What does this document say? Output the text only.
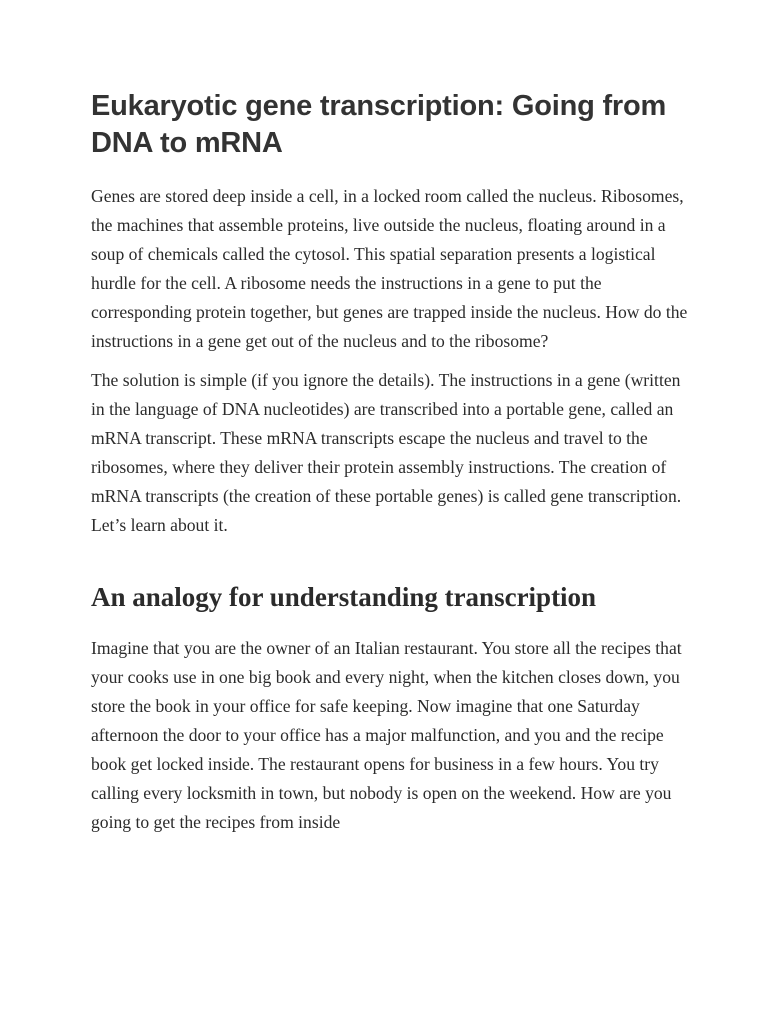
Eukaryotic gene transcription: Going from DNA to mRNA

Genes are stored deep inside a cell, in a locked room called the nucleus. Ribosomes, the machines that assemble proteins, live outside the nucleus, floating around in a soup of chemicals called the cytosol. This spatial separation presents a logistical hurdle for the cell. A ribosome needs the instructions in a gene to put the corresponding protein together, but genes are trapped inside the nucleus. How do the instructions in a gene get out of the nucleus and to the ribosome?

The solution is simple (if you ignore the details). The instructions in a gene (written in the language of DNA nucleotides) are transcribed into a portable gene, called an mRNA transcript. These mRNA transcripts escape the nucleus and travel to the ribosomes, where they deliver their protein assembly instructions. The creation of mRNA transcripts (the creation of these portable genes) is called gene transcription. Let’s learn about it.

An analogy for understanding transcription

Imagine that you are the owner of an Italian restaurant. You store all the recipes that your cooks use in one big book and every night, when the kitchen closes down, you store the book in your office for safe keeping. Now imagine that one Saturday afternoon the door to your office has a major malfunction, and you and the recipe book get locked inside. The restaurant opens for business in a few hours. You try calling every locksmith in town, but nobody is open on the weekend. How are you going to get the recipes from inside
